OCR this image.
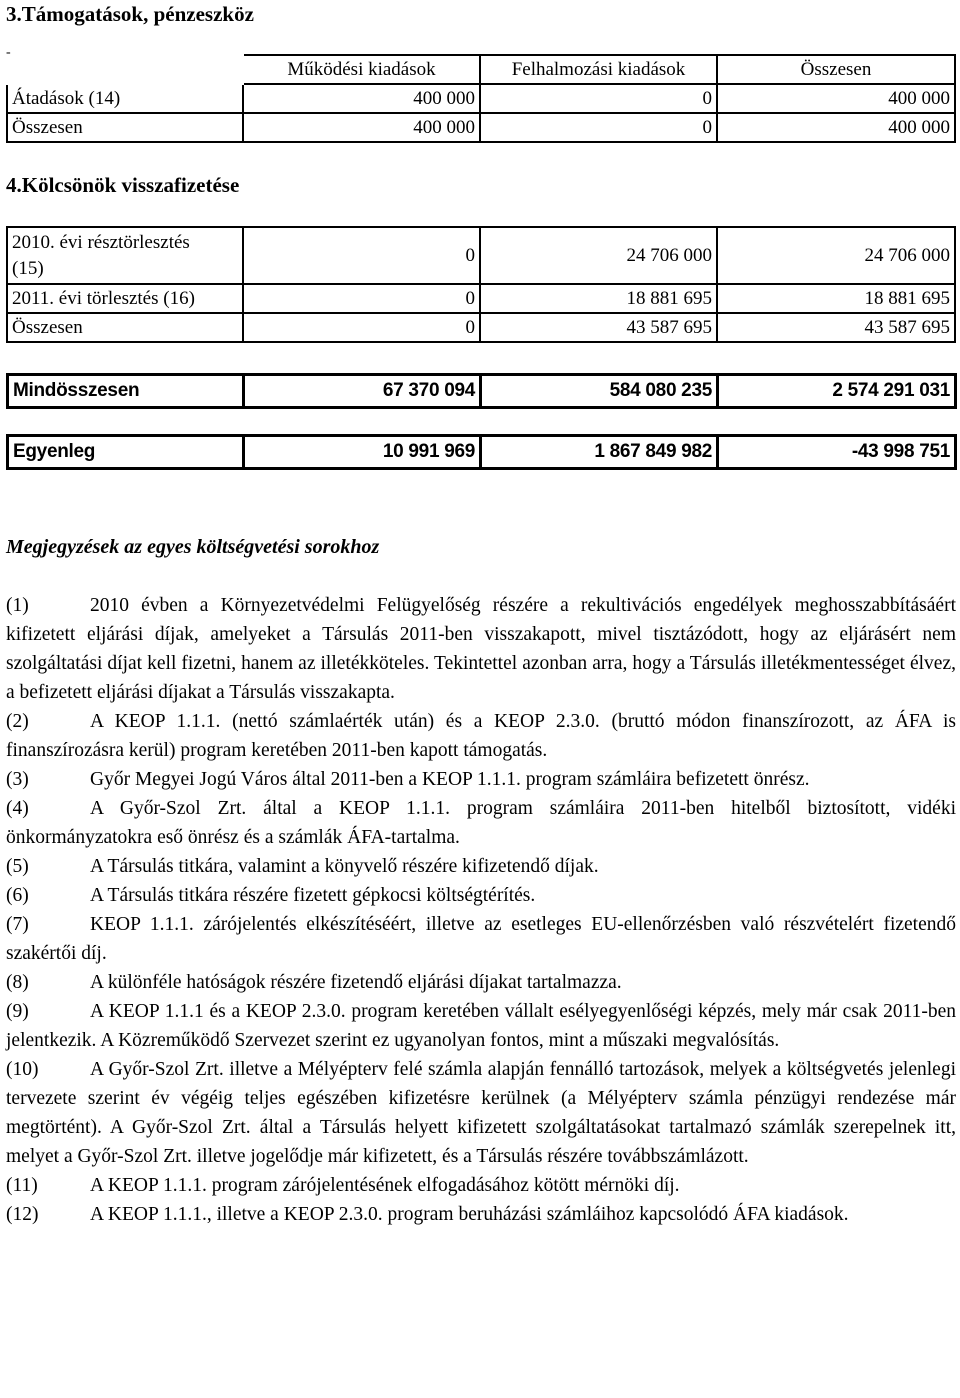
3.Támogatások, pénzeszköz
-
	Működési kiadások	Felhalmozási kiadások	Összesen
Átadások (14)	400 000	0	400 000
Összesen	400 000	0	400 000
4.Kölcsönök visszafizetése
2010. évi résztörlesztés
(15)	0	24 706 000	24 706 000
2011. évi törlesztés (16)	0	18 881 695	18 881 695
Összesen	0	43 587 695	43 587 695
Mindösszesen	67 370 094	584 080 235	2 574 291 031
Egyenleg	10 991 969	1 867 849 982	-43 998 751
Megjegyzések az egyes költségvetési sorokhoz

(1)	2010 évben a Környezetvédelmi Felügyelőség részére a rekultivációs engedélyek meghosszabbításáért kifizetett eljárási díjak, amelyeket a Társulás 2011-ben visszakapott, mivel tisztázódott, hogy az eljárásért nem szolgáltatási díjat kell fizetni, hanem az illetékköteles. Tekintettel azonban arra, hogy a Társulás illetékmentességet élvez, a befizetett eljárási díjakat a Társulás visszakapta.

(2)	A KEOP 1.1.1. (nettó számlaérték után) és a KEOP 2.3.0. (bruttó módon finanszírozott, az ÁFA is finanszírozásra kerül) program keretében 2011-ben kapott támogatás.

(3)	Győr Megyei Jogú Város által 2011-ben a KEOP 1.1.1. program számláira befizetett önrész.

(4)	A Győr-Szol Zrt. által a KEOP 1.1.1. program számláira 2011-ben hitelből biztosított, vidéki önkormányzatokra eső önrész és a számlák ÁFA-tartalma.

(5)	A Társulás titkára, valamint a könyvelő részére kifizetendő díjak.

(6)	A Társulás titkára részére fizetett gépkocsi költségtérítés.

(7)	KEOP 1.1.1. zárójelentés elkészítéséért, illetve az esetleges EU-ellenőrzésben való részvételért fizetendő szakértői díj.

(8)	A különféle hatóságok részére fizetendő eljárási díjakat tartalmazza.

(9)	A KEOP 1.1.1 és a KEOP 2.3.0. program keretében vállalt esélyegyenlőségi képzés, mely már csak 2011-ben jelentkezik. A Közreműködő Szervezet szerint ez ugyanolyan fontos, mint a műszaki megvalósítás.

(10)	A Győr-Szol Zrt. illetve a Mélyépterv felé számla alapján fennálló tartozások, melyek a költségvetés jelenlegi tervezete szerint év végéig teljes egészében kifizetésre kerülnek (a Mélyépterv számla pénzügyi rendezése már megtörtént). A Győr-Szol Zrt. által a Társulás helyett kifizetett szolgáltatásokat tartalmazó számlák szerepelnek itt, melyet a Győr-Szol Zrt. illetve jogelődje már kifizetett, és a Társulás részére továbbszámlázott.

(11)	A KEOP 1.1.1. program zárójelentésének elfogadásához kötött mérnöki díj.

(12)	A KEOP 1.1.1., illetve a KEOP 2.3.0. program beruházási számláihoz kapcsolódó ÁFA kiadások.
